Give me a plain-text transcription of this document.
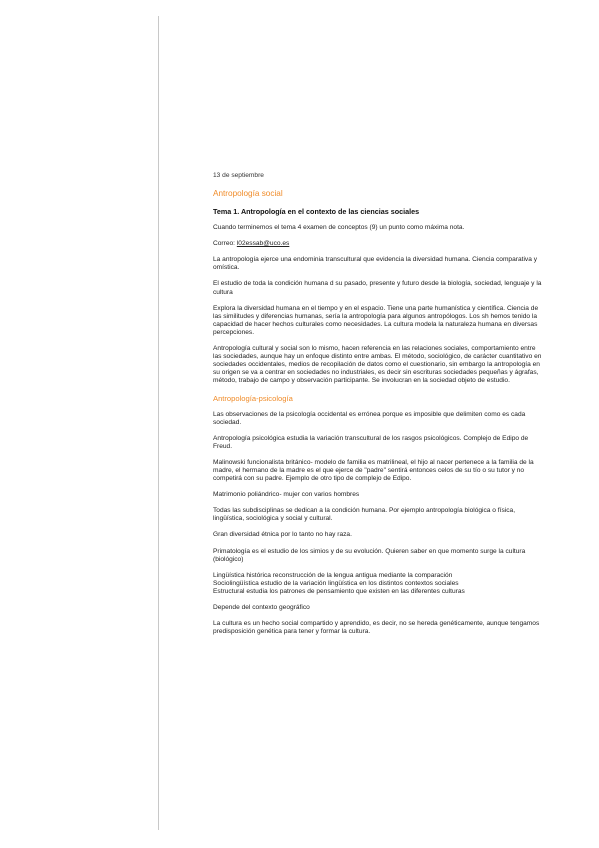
13 de septiembre
Antropología social
Tema 1. Antropología en el contexto de las ciencias sociales
Cuando terminemos el tema 4 examen de conceptos (9) un punto como máxima nota.
Correo: l02essab@uco.es
La antropología ejerce una endominia transcultural que evidencia la diversidad humana. Ciencia comparativa y omística.
El estudio de toda la condición humana d su pasado, presente y futuro desde la biología, sociedad, lenguaje y la cultura
Explora la diversidad humana en el tiempo y en el espacio. Tiene una parte humanística y científica. Ciencia de las similitudes y diferencias humanas, sería la antropología para algunos antropólogos. Los sh hemos tenido la capacidad de hacer hechos culturales como necesidades. La cultura modela la naturaleza humana en diversas percepciones.
Antropología cultural y social son lo mismo, hacen referencia en las relaciones sociales, comportamiento entre las sociedades, aunque hay un enfoque distinto entre ambas. El método, sociológico, de carácter cuantitativo en sociedades occidentales, medios de recopilación de datos como el cuestionario, sin embargo la antropología en su origen se va a centrar en sociedades no industriales, es decir sin escrituras sociedades pequeñas y ágrafas, método, trabajo de campo y observación participante. Se involucran en la sociedad objeto de estudio.
Antropología-psicología
Las observaciones de la psicología occidental es errónea porque es imposible que delimiten como es cada sociedad.
Antropología psicológica estudia la variación transcultural de los rasgos psicológicos. Complejo de Edipo de Freud.
Malinowski funcionalista británico- modelo de familia es matrilineal, el hijo al nacer pertenece a la familia de la madre, el hermano de la madre es el que ejerce de "padre" sentirá entonces celos de su tío o su tutor y no competirá con su padre. Ejemplo de otro tipo de complejo de Edipo.
Matrimonio poliándrico- mujer con varios hombres
Todas las subdisciplinas se dedican a la condición humana. Por ejemplo antropología biológica o física, lingüística, sociológica y social y cultural.
Gran diversidad étnica por lo tanto no hay raza.
Primatología es el estudio de los simios y de su evolución. Quieren saber en que momento surge la cultura (biológico)
Lingüística histórica reconstrucción de la lengua antigua mediante la comparación
Sociolingüística estudio de la variación lingüística en los distintos contextos sociales
Estructural estudia los patrones de pensamiento que existen en las diferentes culturas
Depende del contexto geográfico
La cultura es un hecho social compartido y aprendido, es decir, no se hereda genéticamente, aunque tengamos predisposición genética para tener y formar la cultura.
